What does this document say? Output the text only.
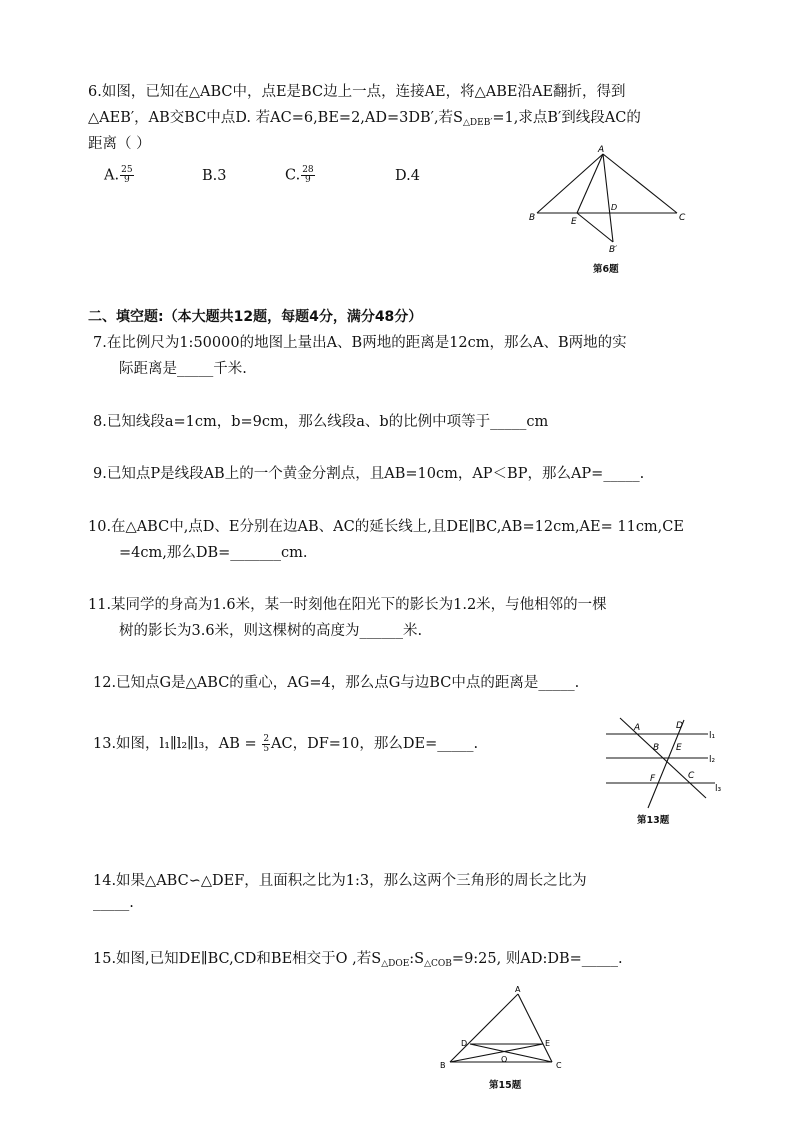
6.如图，已知在△ABC中，点E是BC边上一点，连接AE，将△ABE沿AE翻折，得到
△AEB′，AB交BC中点D. 若AC=6,BE=2,AD=3DB′,若$S_{\triangle DEB'}=1$,求点B′到线段AC的
距离（ ）
A. $\frac{25}{9}$	B.3	C. $\frac{28}{9}$	D.4
A
B	C
D
E
B′
第6题
二、填空题:（本大题共12题，每题4分，满分48分）
7.在比例尺为1:50000的地图上量出A、B两地的距离是12cm，那么A、B两地的实
际距离是_____千米.
8.已知线段a=1cm，b=9cm，那么线段a、b的比例中项等于_____cm
9.已知点P是线段AB上的一个黄金分割点，且AB=10cm，AP＜BP，那么AP=_____.
10.在△ABC中,点D、E分别在边AB、AC的延长线上,且DE∥BC,AB=12cm,AE= 11cm,CE
=4cm,那么DB=_______cm.
11.某同学的身高为1.6米，某一时刻他在阳光下的影长为1.2米，与他相邻的一棵
树的影长为3.6米，则这棵树的高度为______米.
12.已知点G是△ABC的重心，AG=4，那么点G与边BC中点的距离是_____.
13.如图，l₁∥l₂∥l₃，AB = $\frac{2}{5}$ AC，DF=10，那么DE=_____.
A	D
B E
F	C
l₁
l₂
l₃
第13题
14.如果△ABC∽△DEF，且面积之比为1:3，那么这两个三角形的周长之比为
_____.
15.如图,已知DE∥BC,CD和BE相交于O ,若$S_{\triangle DOE}:S_{\triangle COB}=9:25$, 则AD:DB=_____.
A
D	E
O
B	C
第15题
